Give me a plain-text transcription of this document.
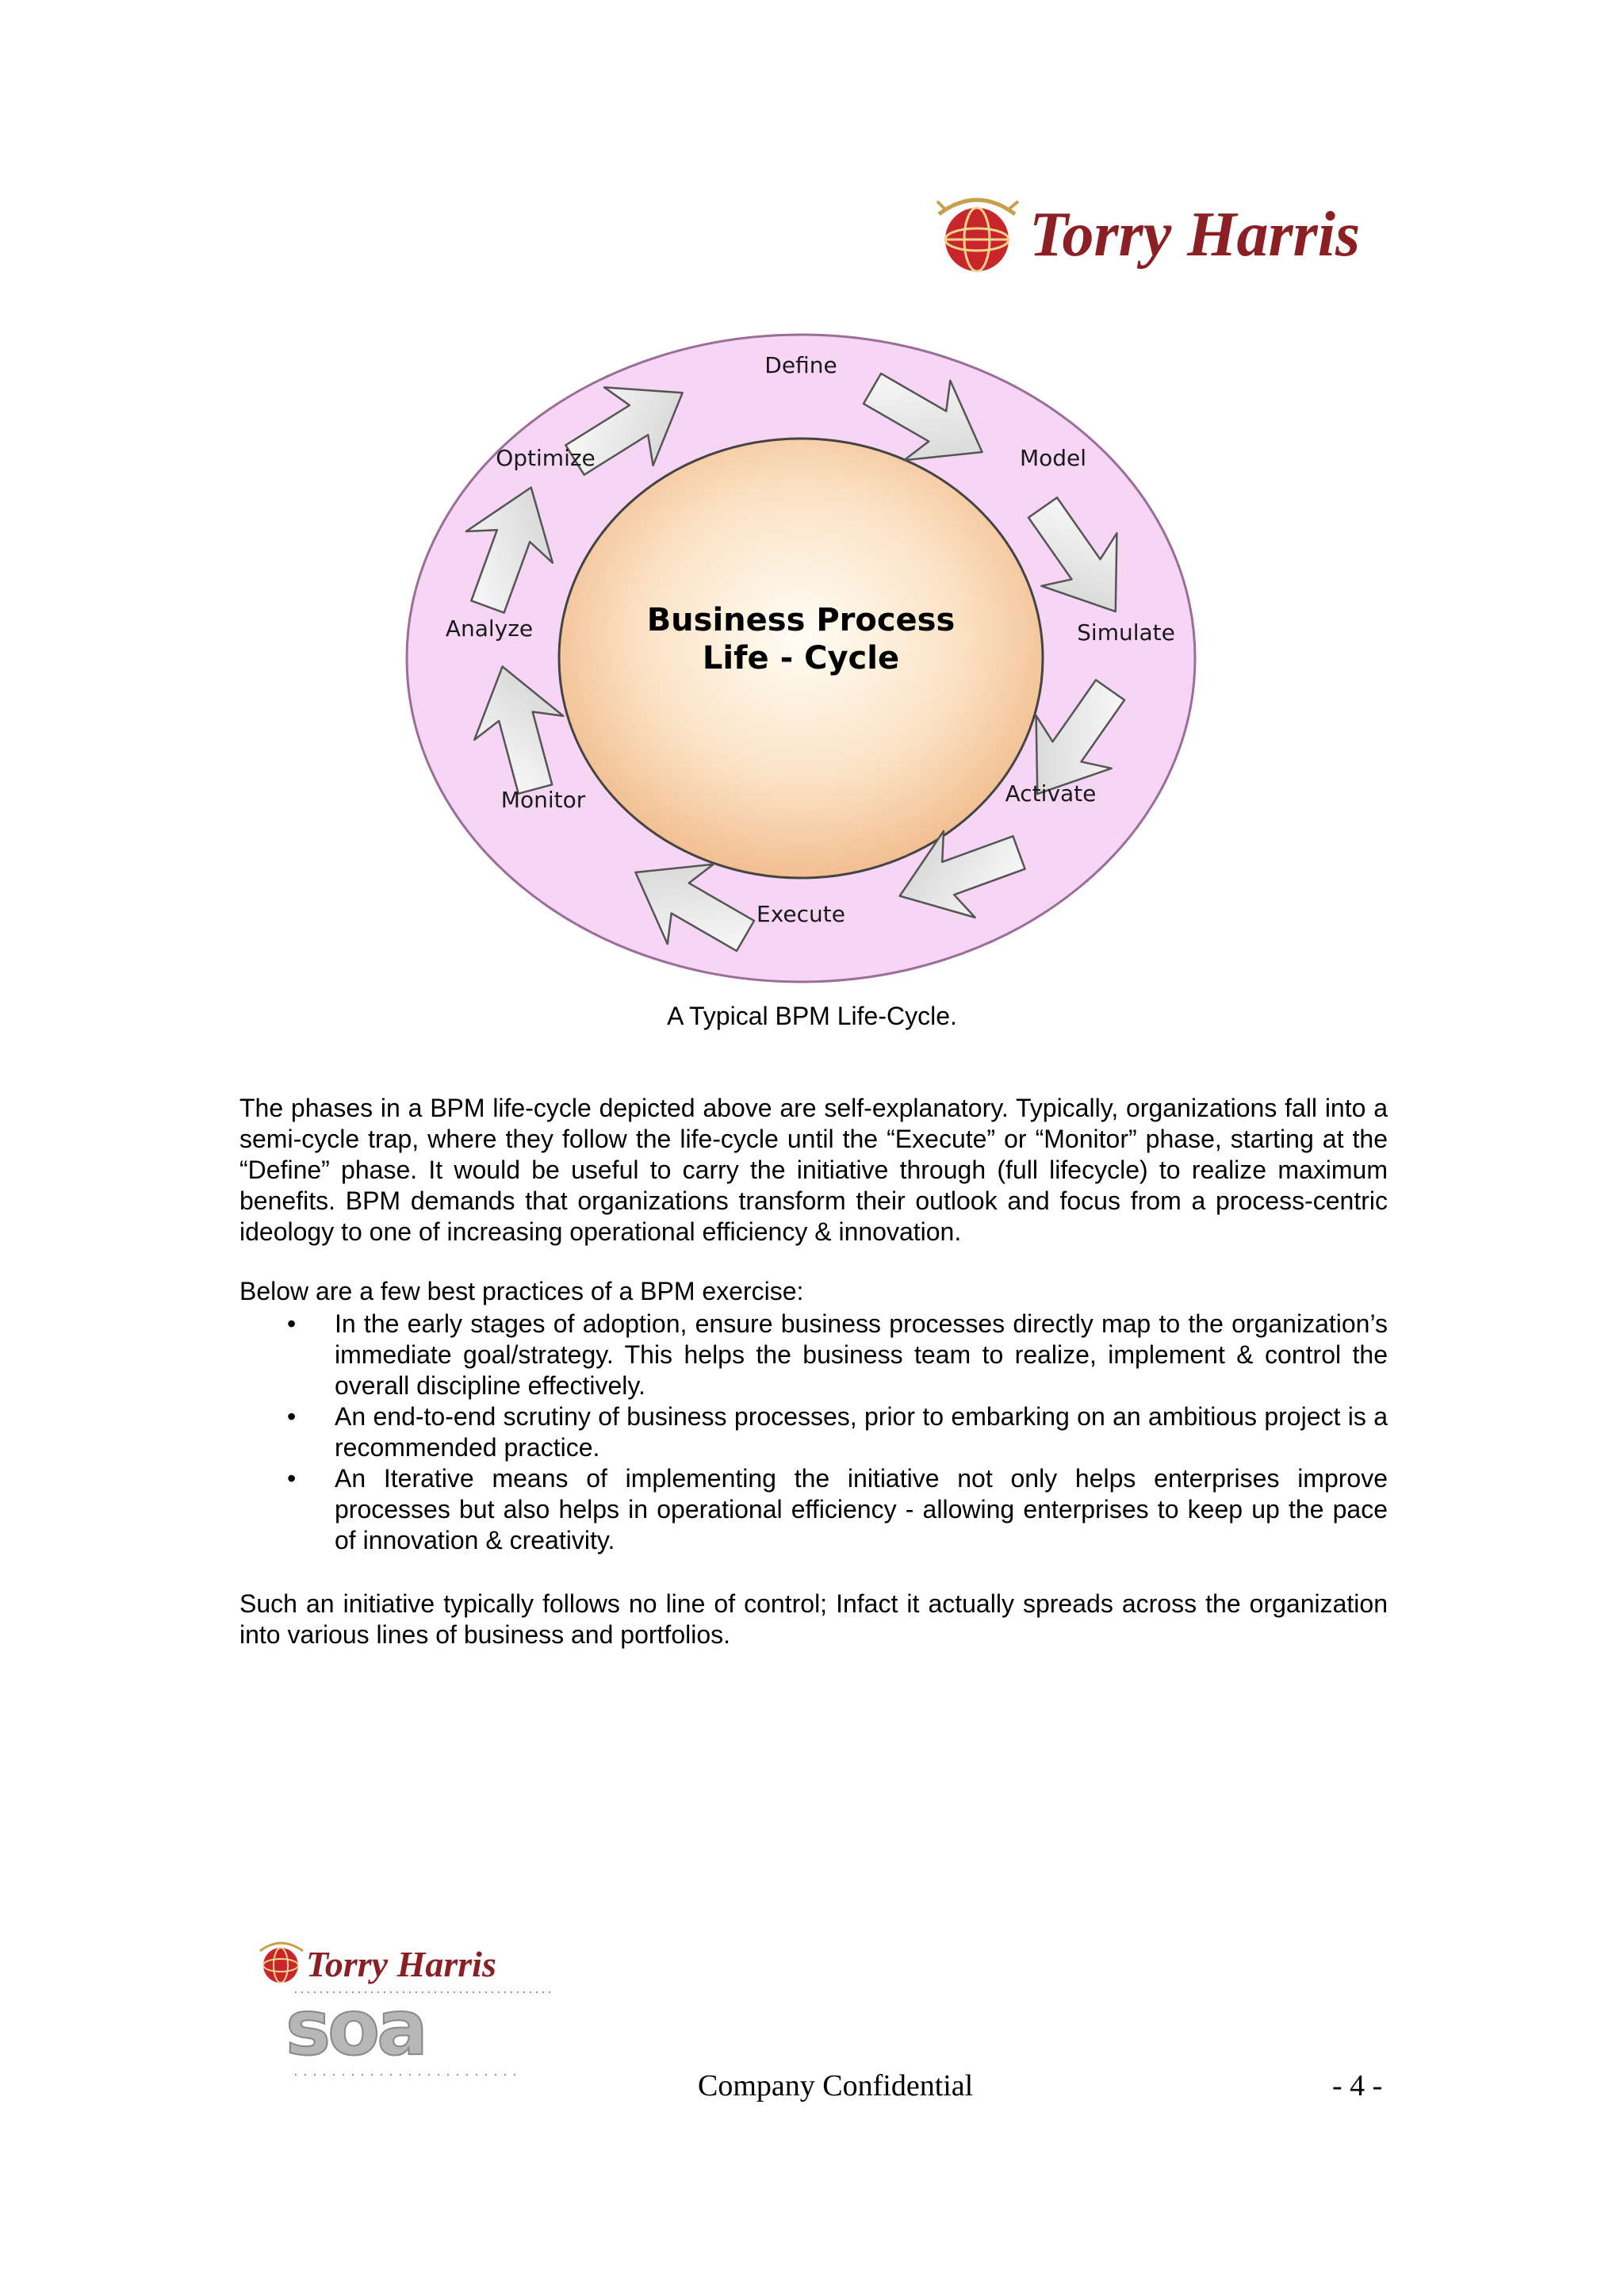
Torry Harris
Business Process
Life - Cycle
Define
Model
Simulate
Activate
Execute
Monitor
Analyze
Optimize
A Typical BPM Life-Cycle.
The phases in a BPM life-cycle depicted above are self-explanatory. Typically, organizations fall into a semi-cycle trap, where they follow the life-cycle until the “Execute” or “Monitor” phase, starting at the “Define” phase. It would be useful to carry the initiative through (full lifecycle) to realize maximum benefits. BPM demands that organizations transform their outlook and focus from a process-centric ideology to one of increasing operational efficiency & innovation.
Below are a few best practices of a BPM exercise:
• In the early stages of adoption, ensure business processes directly map to the organization’s immediate goal/strategy. This helps the business team to realize, implement & control the overall discipline effectively.
• An end-to-end scrutiny of business processes, prior to embarking on an ambitious project is a recommended practice.
• An Iterative means of implementing the initiative not only helps enterprises improve processes but also helps in operational efficiency - allowing enterprises to keep up the pace of innovation & creativity.
Such an initiative typically follows no line of control; Infact it actually spreads across the organization into various lines of business and portfolios.
Torry Harris
soa
Company Confidential	- 4 -
